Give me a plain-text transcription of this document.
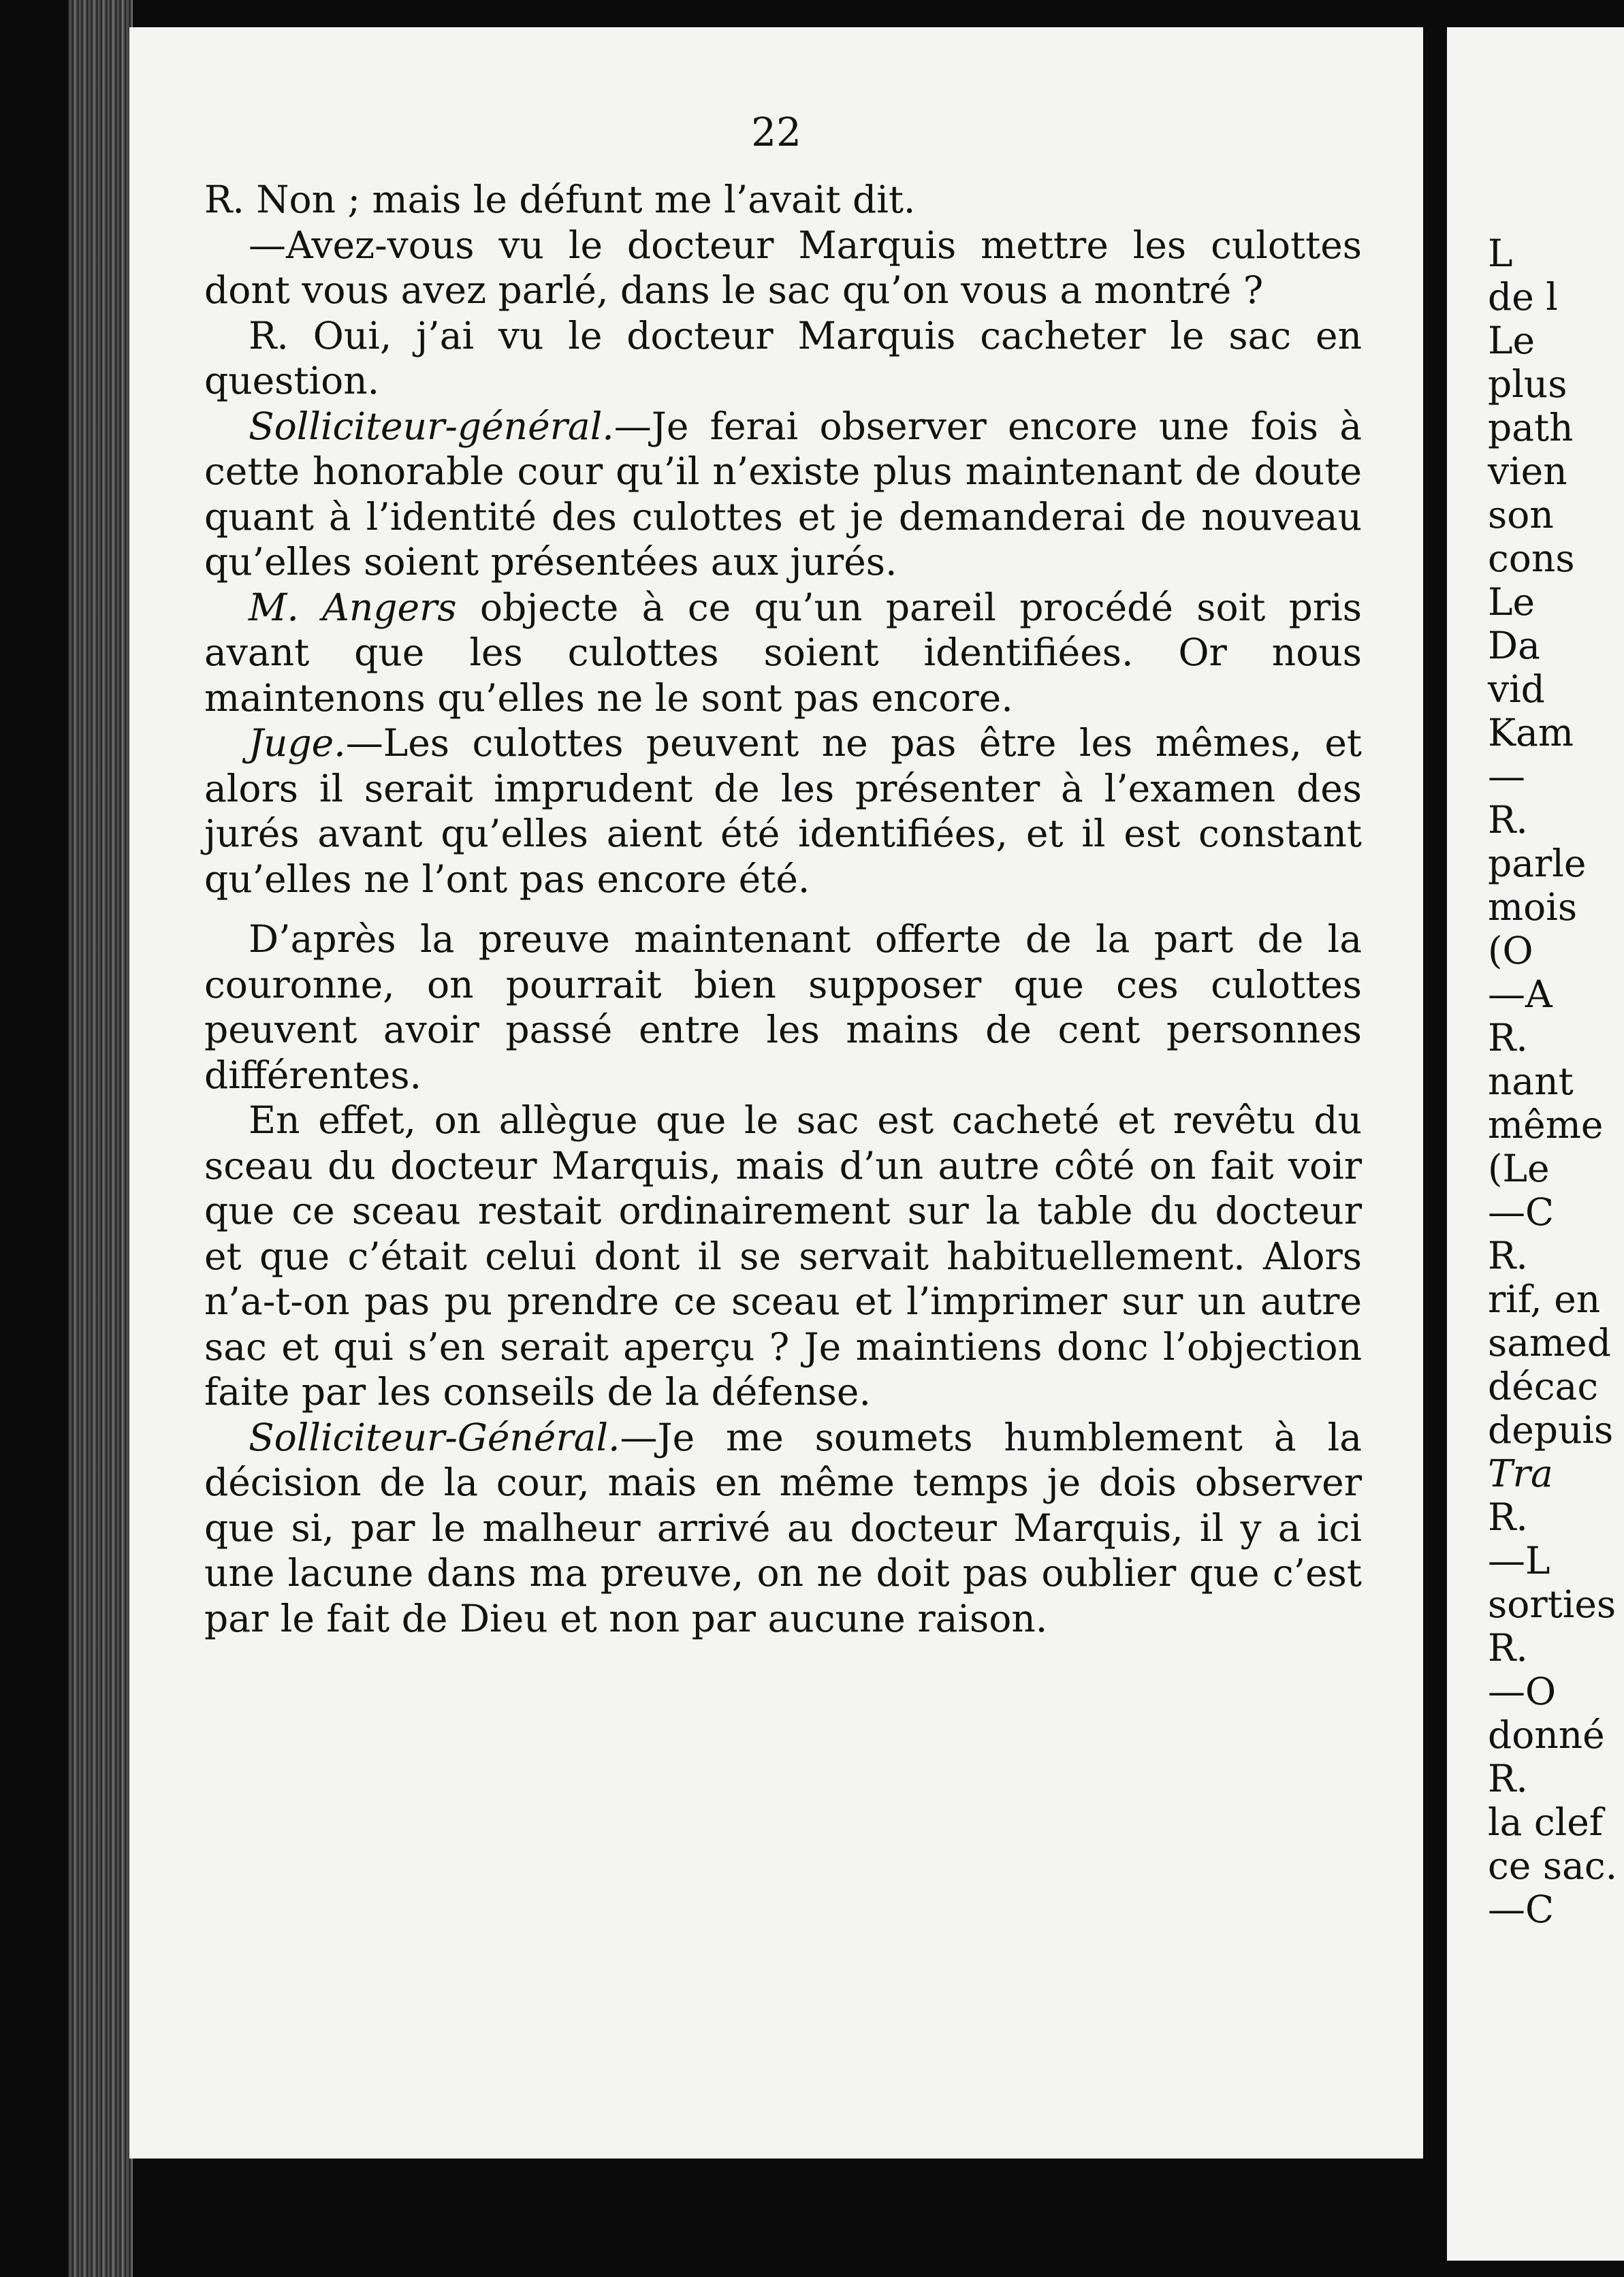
22

R. Non ; mais le défunt me l’avait dit.

—Avez-vous vu le docteur Marquis mettre les culottes dont vous avez parlé, dans le sac qu’on vous a montré ?

R. Oui, j’ai vu le docteur Marquis cacheter le sac en question.

Solliciteur-général.—Je ferai observer encore une fois à cette honorable cour qu’il n’existe plus maintenant de doute quant à l’identité des culottes et je demanderai de nouveau qu’elles soient présentées aux jurés.

M. Angers objecte à ce qu’un pareil procédé soit pris avant que les culottes soient identifiées. Or nous maintenons qu’elles ne le sont pas encore.

Juge.—Les culottes peuvent ne pas être les mêmes, et alors il serait imprudent de les présenter à l’examen des jurés avant qu’elles aient été identifiées, et il est constant qu’elles ne l’ont pas encore été.

D’après la preuve maintenant offerte de la part de la couronne, on pourrait bien supposer que ces culottes peuvent avoir passé entre les mains de cent personnes différentes.

En effet, on allègue que le sac est cacheté et revêtu du sceau du docteur Marquis, mais d’un autre côté on fait voir que ce sceau restait ordinairement sur la table du docteur et que c’était celui dont il se servait habituellement. Alors n’a-t-on pas pu prendre ce sceau et l’imprimer sur un autre sac et qui s’en serait aperçu ? Je maintiens donc l’objection faite par les conseils de la défense.

Solliciteur-Général.—Je me soumets humblement à la décision de la cour, mais en même temps je dois observer que si, par le malheur arrivé au docteur Marquis, il y a ici une lacune dans ma preuve, on ne doit pas oublier que c’est par le fait de Dieu et non par aucune raison.

L
de l
Le
plus
path
vien
son
cons
Le
Da
vid
Kam
—
R.
parle
mois
(O
—A
R.
nant
même
(Le
—C
R.
rif, en
samed
décac
depuis
Tra
R.
—L
sorties
R.
—O
donné
R.
la clef
ce sac.
—C
